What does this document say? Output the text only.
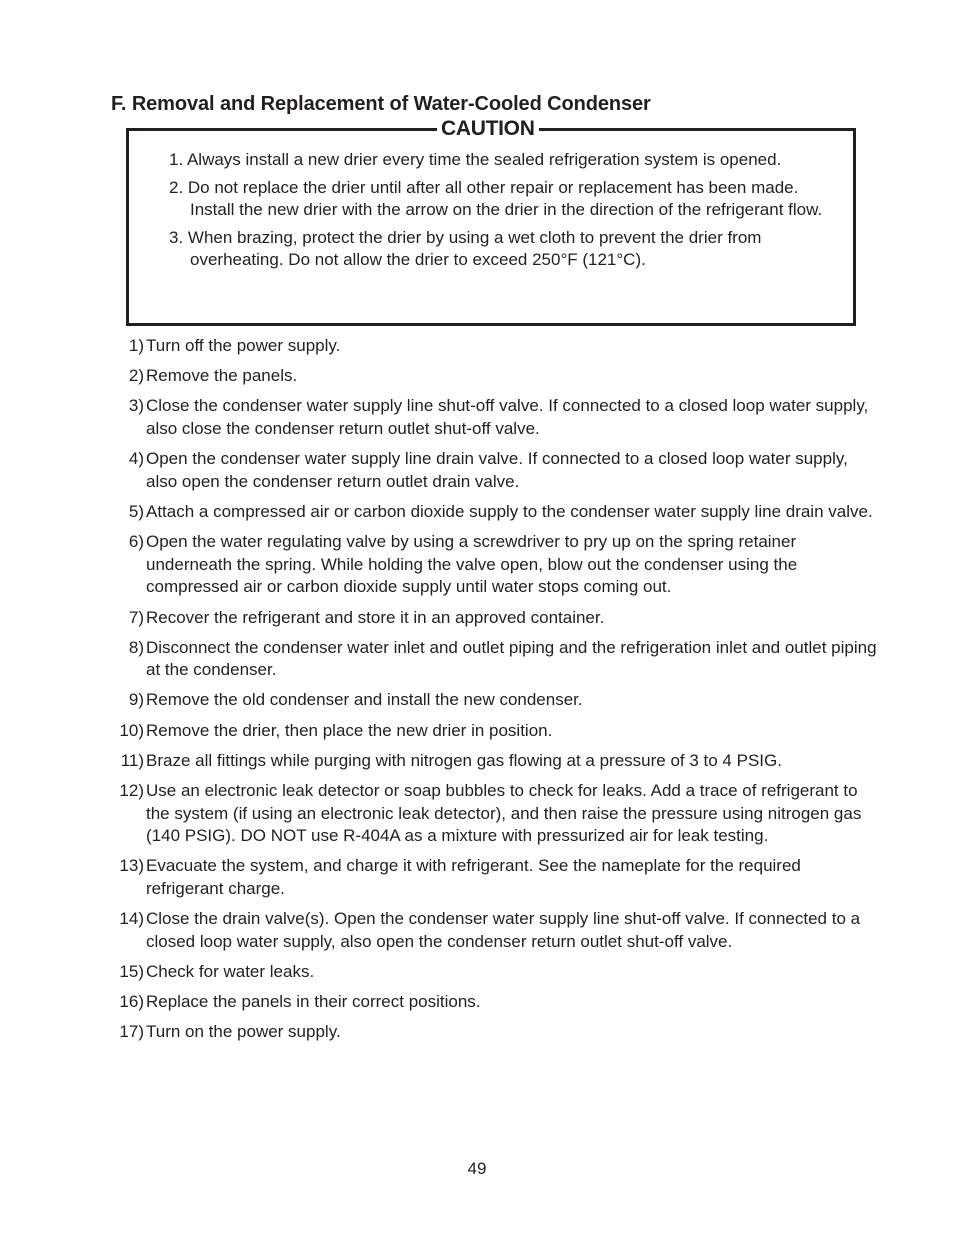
F. Removal and Replacement of Water-Cooled Condenser
CAUTION
1. Always install a new drier every time the sealed refrigeration system is opened.
2. Do not replace the drier until after all other repair or replacement has been made. Install the new drier with the arrow on the drier in the direction of the refrigerant flow.
3. When brazing, protect the drier by using a wet cloth to prevent the drier from overheating. Do not allow the drier to exceed 250°F (121°C).
1) Turn off the power supply.
2) Remove the panels.
3) Close the condenser water supply line shut-off valve. If connected to a closed loop water supply, also close the condenser return outlet shut-off valve.
4) Open the condenser water supply line drain valve. If connected to a closed loop water supply, also open the condenser return outlet drain valve.
5) Attach a compressed air or carbon dioxide supply to the condenser water supply line drain valve.
6) Open the water regulating valve by using a screwdriver to pry up on the spring retainer underneath the spring. While holding the valve open, blow out the condenser using the compressed air or carbon dioxide supply until water stops coming out.
7) Recover the refrigerant and store it in an approved container.
8) Disconnect the condenser water inlet and outlet piping and the refrigeration inlet and outlet piping at the condenser.
9) Remove the old condenser and install the new condenser.
10) Remove the drier, then place the new drier in position.
11) Braze all fittings while purging with nitrogen gas flowing at a pressure of 3 to 4 PSIG.
12) Use an electronic leak detector or soap bubbles to check for leaks. Add a trace of refrigerant to the system (if using an electronic leak detector), and then raise the pressure using nitrogen gas (140 PSIG). DO NOT use R-404A as a mixture with pressurized air for leak testing.
13) Evacuate the system, and charge it with refrigerant. See the nameplate for the required refrigerant charge.
14) Close the drain valve(s). Open the condenser water supply line shut-off valve. If connected to a closed loop water supply, also open the condenser return outlet shut-off valve.
15) Check for water leaks.
16) Replace the panels in their correct positions.
17) Turn on the power supply.
49
